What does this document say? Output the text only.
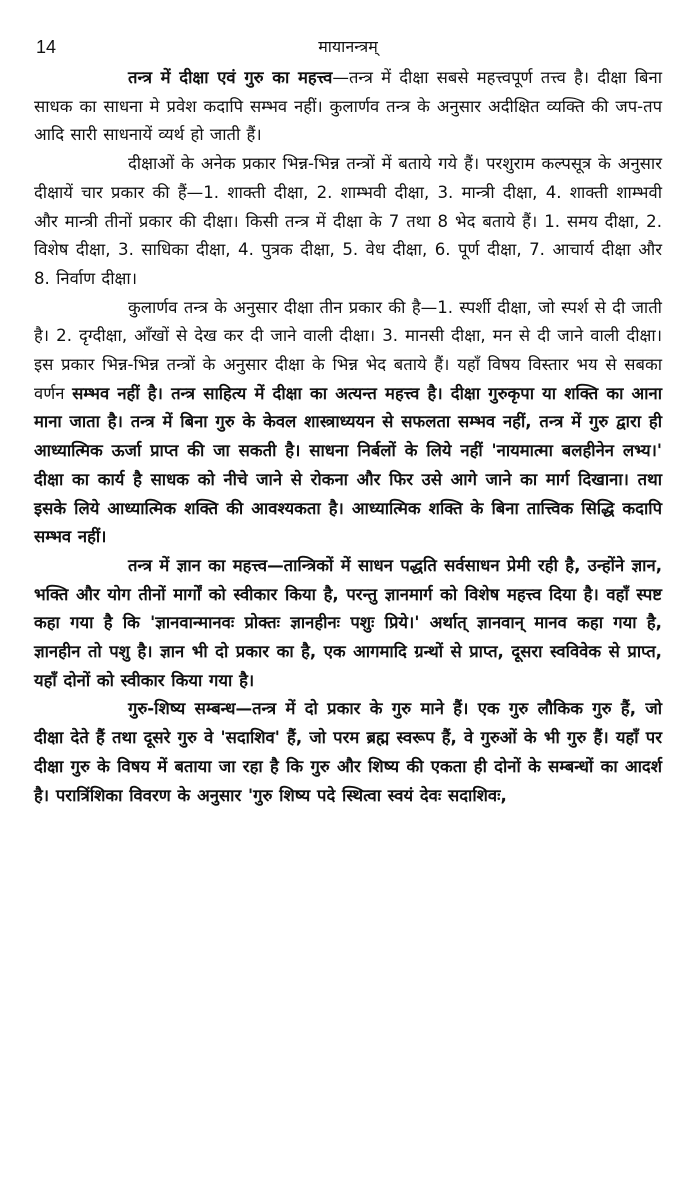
14	मायानन्त्रम्

तन्त्र में दीक्षा एवं गुरु का महत्त्व—तन्त्र में दीक्षा सबसे महत्त्वपूर्ण तत्त्व है। दीक्षा बिना साधक का साधना मे प्रवेश कदापि सम्भव नहीं। कुलार्णव तन्त्र के अनुसार अदीक्षित व्यक्ति की जप-तप आदि सारी साधनायें व्यर्थ हो जाती हैं।

दीक्षाओं के अनेक प्रकार भिन्न-भिन्न तन्त्रों में बताये गये हैं। परशुराम कल्पसूत्र के अनुसार दीक्षायें चार प्रकार की हैं—1. शाक्ती दीक्षा, 2. शाम्भवी दीक्षा, 3. मान्त्री दीक्षा, 4. शाक्ती शाम्भवी और मान्त्री तीनों प्रकार की दीक्षा। किसी तन्त्र में दीक्षा के 7 तथा 8 भेद बताये हैं। 1. समय दीक्षा, 2. विशेष दीक्षा, 3. साधिका दीक्षा, 4. पुत्रक दीक्षा, 5. वेध दीक्षा, 6. पूर्ण दीक्षा, 7. आचार्य दीक्षा और 8. निर्वाण दीक्षा।

कुलार्णव तन्त्र के अनुसार दीक्षा तीन प्रकार की है—1. स्पर्शी दीक्षा, जो स्पर्श से दी जाती है। 2. दृग्दीक्षा, आँखों से देख कर दी जाने वाली दीक्षा। 3. मानसी दीक्षा, मन से दी जाने वाली दीक्षा। इस प्रकार भिन्न-भिन्न तन्त्रों के अनुसार दीक्षा के भिन्न भेद बताये हैं। यहाँ विषय विस्तार भय से सबका वर्णन सम्भव नहीं है। तन्त्र साहित्य में दीक्षा का अत्यन्त महत्त्व है। दीक्षा गुरुकृपा या शक्ति का आना माना जाता है। तन्त्र में बिना गुरु के केवल शास्त्राध्ययन से सफलता सम्भव नहीं, तन्त्र में गुरु द्वारा ही आध्यात्मिक ऊर्जा प्राप्त की जा सकती है। साधना निर्बलों के लिये नहीं 'नायमात्मा बलहीनेन लभ्य।' दीक्षा का कार्य है साधक को नीचे जाने से रोकना और फिर उसे आगे जाने का मार्ग दिखाना। तथा इसके लिये आध्यात्मिक शक्ति की आवश्यकता है। आध्यात्मिक शक्ति के बिना तात्त्विक सिद्धि कदापि सम्भव नहीं।

तन्त्र में ज्ञान का महत्त्व—तान्त्रिकों में साधन पद्धति सर्वसाधन प्रेमी रही है, उन्होंने ज्ञान, भक्ति और योग तीनों मार्गों को स्वीकार किया है, परन्तु ज्ञानमार्ग को विशेष महत्त्व दिया है। वहाँ स्पष्ट कहा गया है कि 'ज्ञानवान्मानवः प्रोक्तः ज्ञानहीनः पशुः प्रिये।' अर्थात् ज्ञानवान् मानव कहा गया है, ज्ञानहीन तो पशु है। ज्ञान भी दो प्रकार का है, एक आगमादि ग्रन्थों से प्राप्त, दूसरा स्वविवेक से प्राप्त, यहाँ दोनों को स्वीकार किया गया है।

गुरु-शिष्य सम्बन्ध—तन्त्र में दो प्रकार के गुरु माने हैं। एक गुरु लौकिक गुरु हैं, जो दीक्षा देते हैं तथा दूसरे गुरु वे 'सदाशिव' हैं, जो परम ब्रह्म स्वरूप हैं, वे गुरुओं के भी गुरु हैं। यहाँ पर दीक्षा गुरु के विषय में बताया जा रहा है कि गुरु और शिष्य की एकता ही दोनों के सम्बन्धों का आदर्श है। परात्रिंशिका विवरण के अनुसार 'गुरु शिष्य पदे स्थित्वा स्वयं देवः सदाशिवः,
